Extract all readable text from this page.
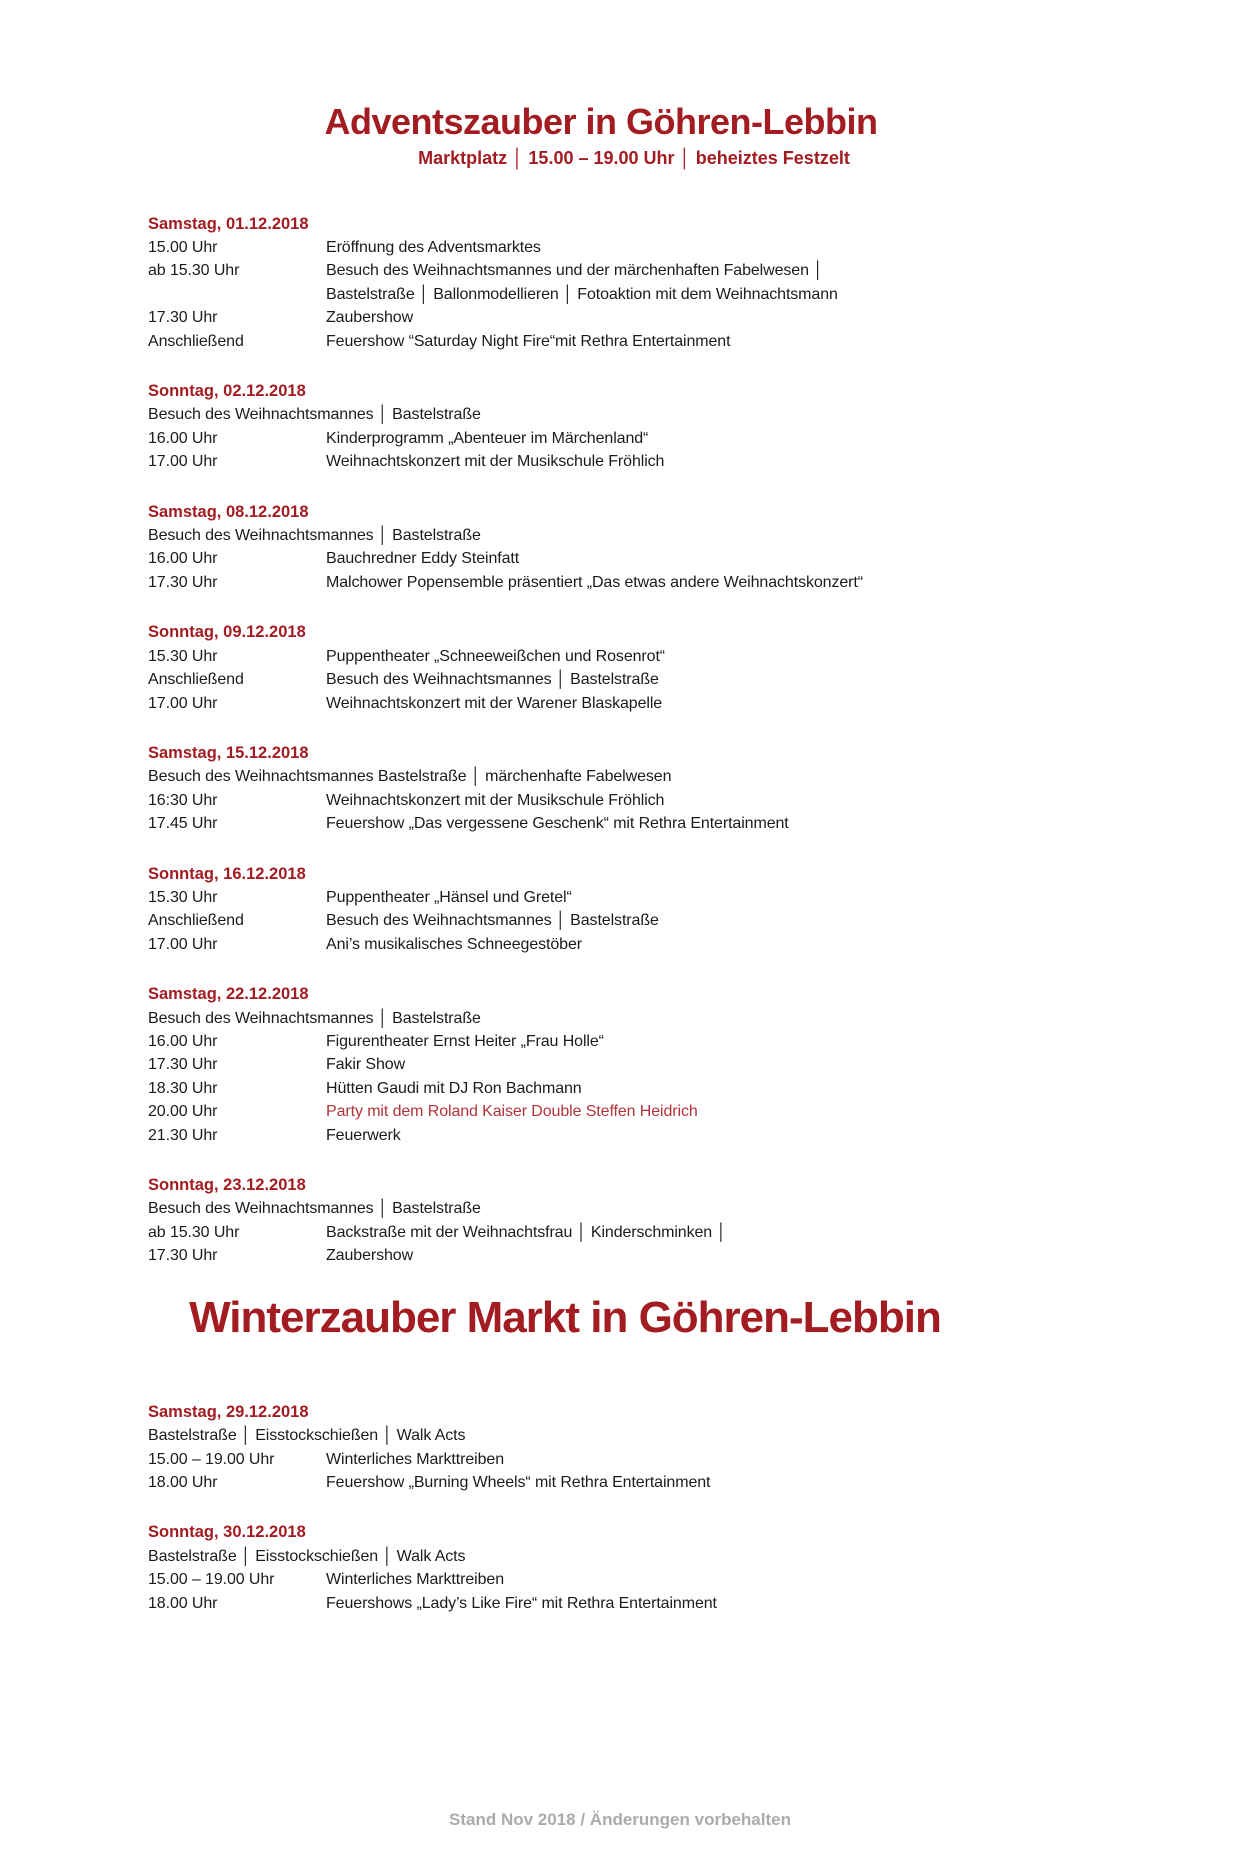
Adventszauber in Göhren-Lebbin
Marktplatz │ 15.00 – 19.00 Uhr │ beheiztes Festzelt
Samstag, 01.12.2018
15.00 Uhr	Eröffnung des Adventsmarktes
ab 15.30 Uhr	Besuch des Weihnachtsmannes und der märchenhaften Fabelwesen │
Bastelstraße │ Ballonmodellieren │ Fotoaktion mit dem Weihnachtsmann
17.30 Uhr	Zaubershow
Anschließend	Feuershow “Saturday Night Fire“mit Rethra Entertainment
Sonntag, 02.12.2018
Besuch des Weihnachtsmannes │ Bastelstraße
16.00 Uhr	Kinderprogramm „Abenteuer im Märchenland“
17.00 Uhr	Weihnachtskonzert mit der Musikschule Fröhlich
Samstag, 08.12.2018
Besuch des Weihnachtsmannes │ Bastelstraße
16.00 Uhr	Bauchredner Eddy Steinfatt
17.30 Uhr	Malchower Popensemble präsentiert „Das etwas andere Weihnachtskonzert“
Sonntag, 09.12.2018
15.30 Uhr	Puppentheater „Schneeweißchen und Rosenrot“
Anschließend	Besuch des Weihnachtsmannes │ Bastelstraße
17.00 Uhr	Weihnachtskonzert mit der Warener Blaskapelle
Samstag, 15.12.2018
Besuch des Weihnachtsmannes Bastelstraße │ märchenhafte Fabelwesen
16:30 Uhr	Weihnachtskonzert mit der Musikschule Fröhlich
17.45 Uhr	Feuershow „Das vergessene Geschenk“ mit Rethra Entertainment
Sonntag, 16.12.2018
15.30 Uhr	Puppentheater „Hänsel und Gretel“
Anschließend	Besuch des Weihnachtsmannes │ Bastelstraße
17.00 Uhr	Ani’s musikalisches Schneegestöber
Samstag, 22.12.2018
Besuch des Weihnachtsmannes │ Bastelstraße
16.00 Uhr	Figurentheater Ernst Heiter „Frau Holle“
17.30 Uhr	Fakir Show
18.30 Uhr	Hütten Gaudi mit DJ Ron Bachmann
20.00 Uhr	Party mit dem Roland Kaiser Double Steffen Heidrich
21.30 Uhr	Feuerwerk
Sonntag, 23.12.2018
Besuch des Weihnachtsmannes │ Bastelstraße
ab 15.30 Uhr	Backstraße mit der Weihnachtsfrau │ Kinderschminken │
17.30 Uhr	Zaubershow
Winterzauber Markt in Göhren-Lebbin
Samstag, 29.12.2018
Bastelstraße │ Eisstockschießen │ Walk Acts
15.00 – 19.00 Uhr	Winterliches Markttreiben
18.00 Uhr	Feuershow „Burning Wheels“ mit Rethra Entertainment
Sonntag, 30.12.2018
Bastelstraße │ Eisstockschießen │ Walk Acts
15.00 – 19.00 Uhr	Winterliches Markttreiben
18.00 Uhr	Feuershows „Lady’s Like Fire“ mit Rethra Entertainment
Stand Nov 2018 / Änderungen vorbehalten
